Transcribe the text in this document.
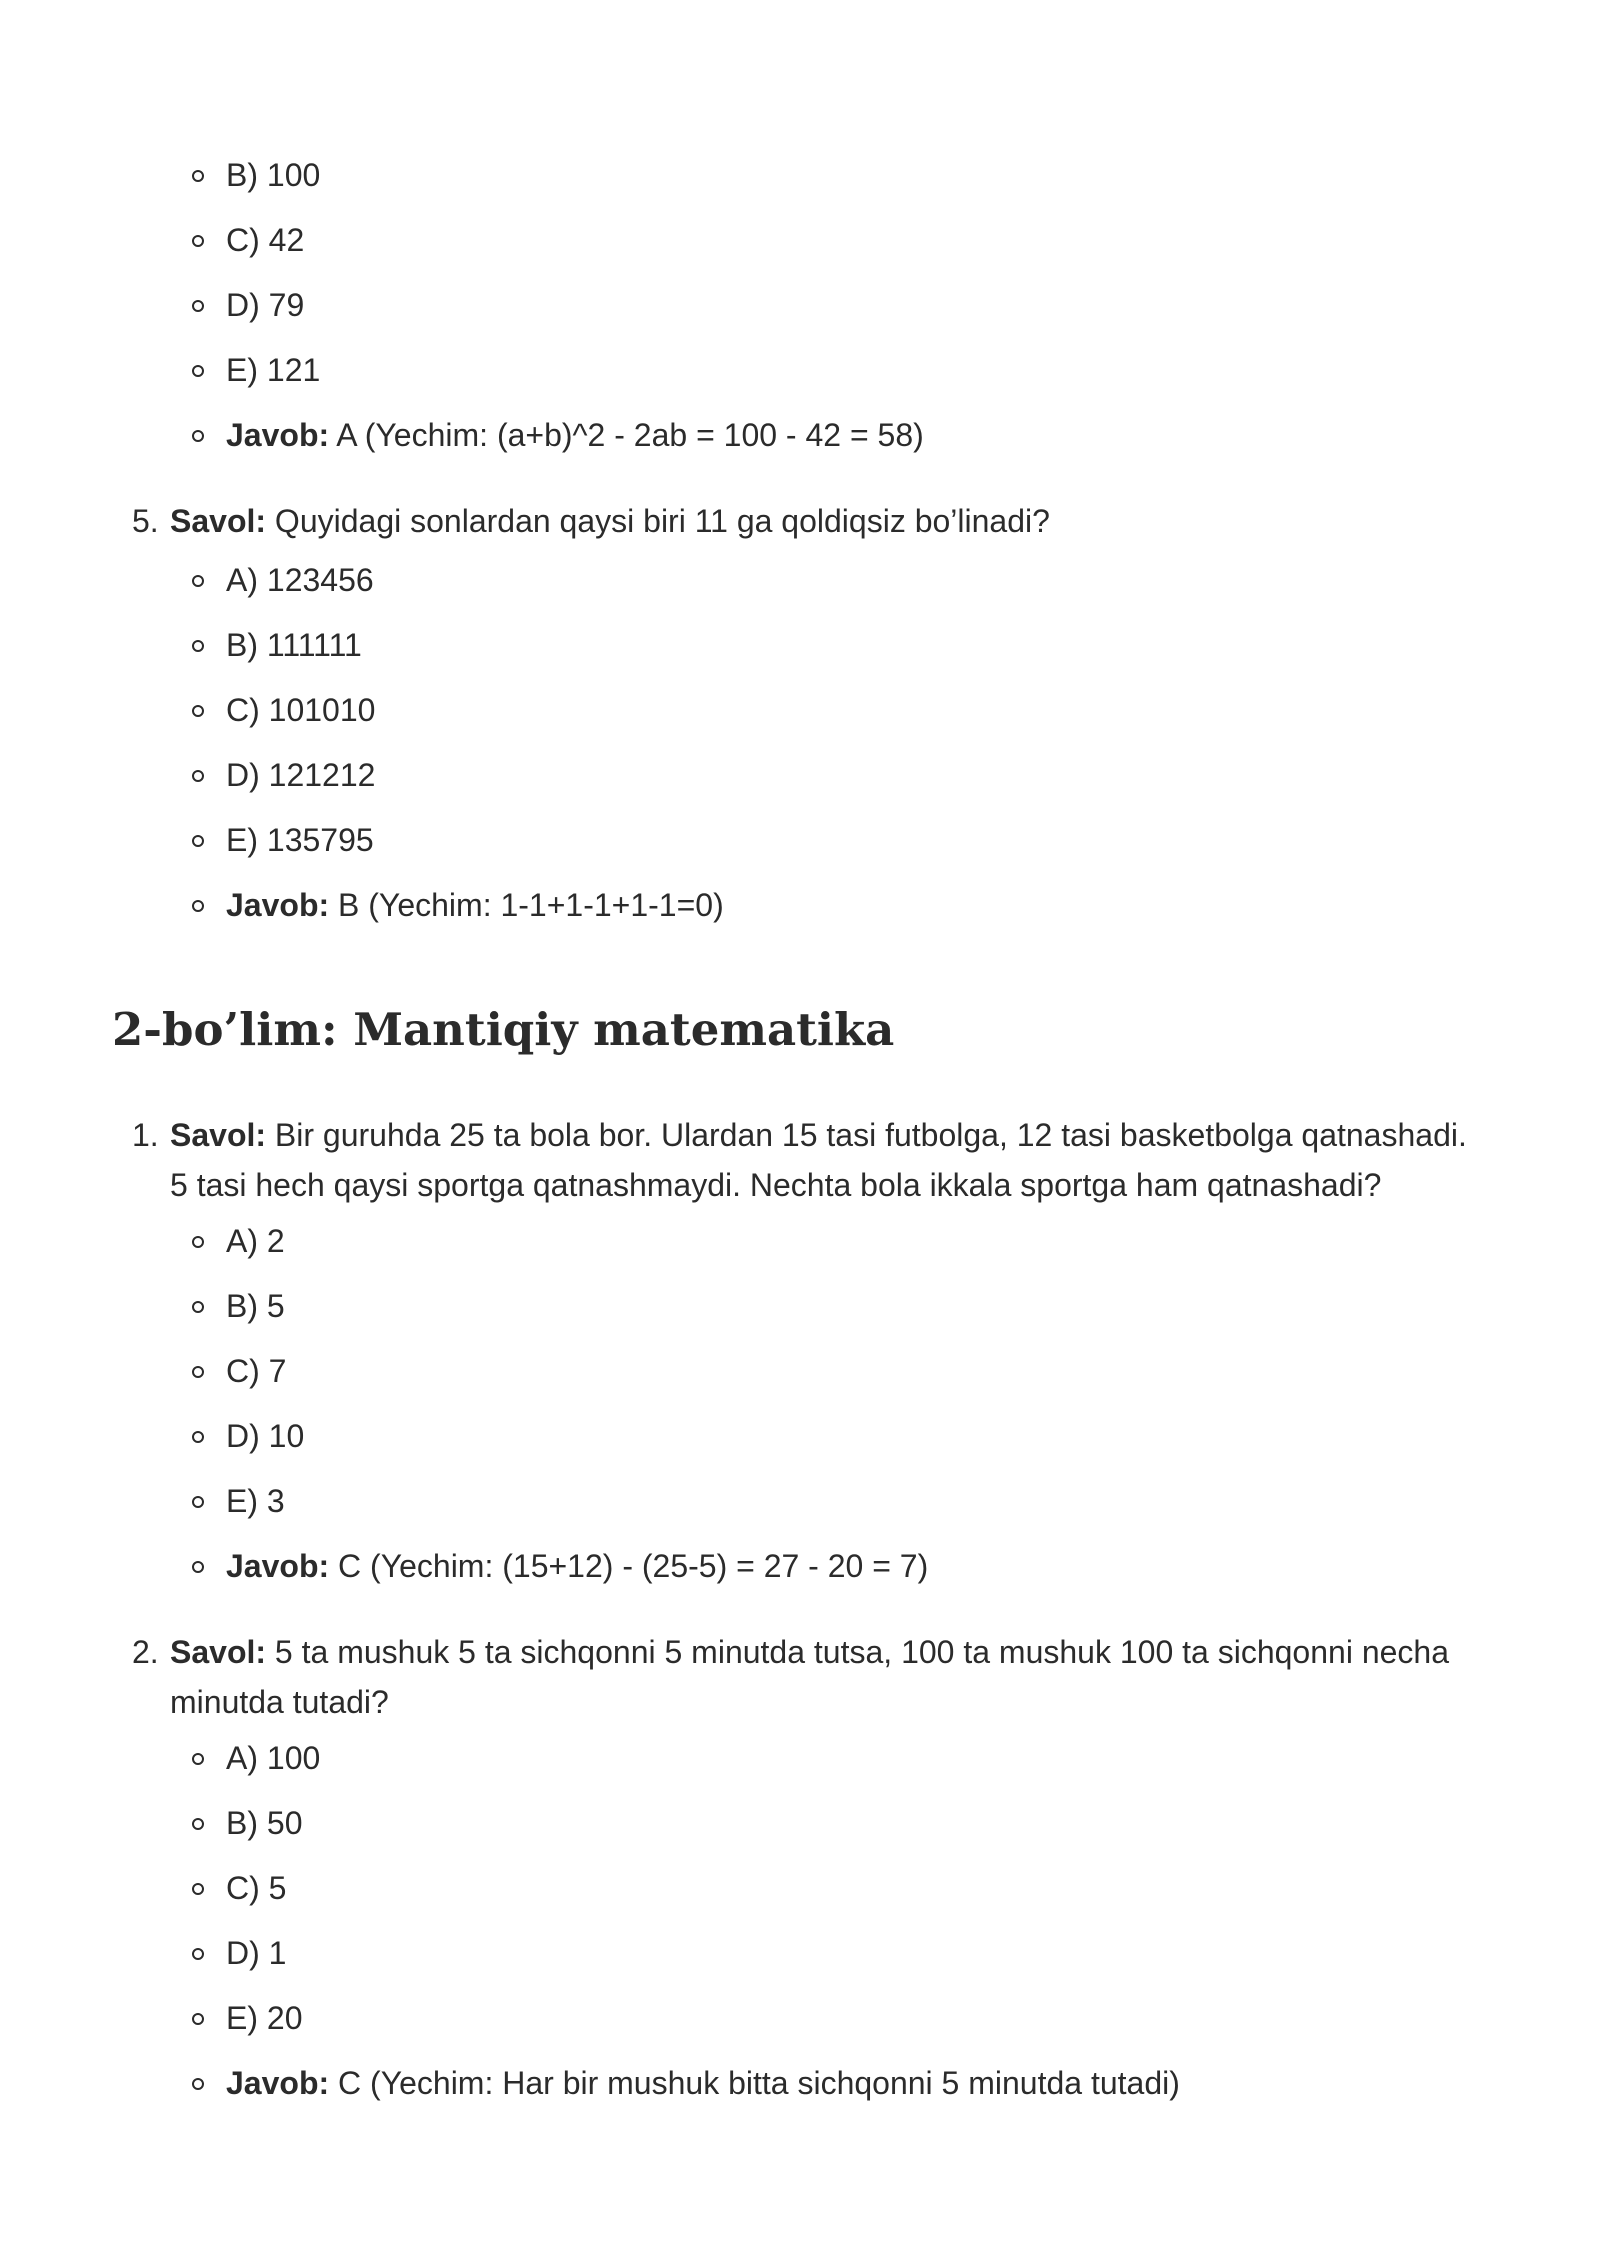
B) 100
C) 42
D) 79
E) 121
Javob: A (Yechim: (a+b)^2 - 2ab = 100 - 42 = 58)
5. Savol: Quyidagi sonlardan qaysi biri 11 ga qoldiqsiz bo’linadi?
A) 123456
B) 111111
C) 101010
D) 121212
E) 135795
Javob: B (Yechim: 1-1+1-1+1-1=0)
2-bo’lim: Mantiqiy matematika
1. Savol: Bir guruhda 25 ta bola bor. Ulardan 15 tasi futbolga, 12 tasi basketbolga qatnashadi.
5 tasi hech qaysi sportga qatnashmaydi. Nechta bola ikkala sportga ham qatnashadi?
A) 2
B) 5
C) 7
D) 10
E) 3
Javob: C (Yechim: (15+12) - (25-5) = 27 - 20 = 7)
2. Savol: 5 ta mushuk 5 ta sichqonni 5 minutda tutsa, 100 ta mushuk 100 ta sichqonni necha
minutda tutadi?
A) 100
B) 50
C) 5
D) 1
E) 20
Javob: C (Yechim: Har bir mushuk bitta sichqonni 5 minutda tutadi)
